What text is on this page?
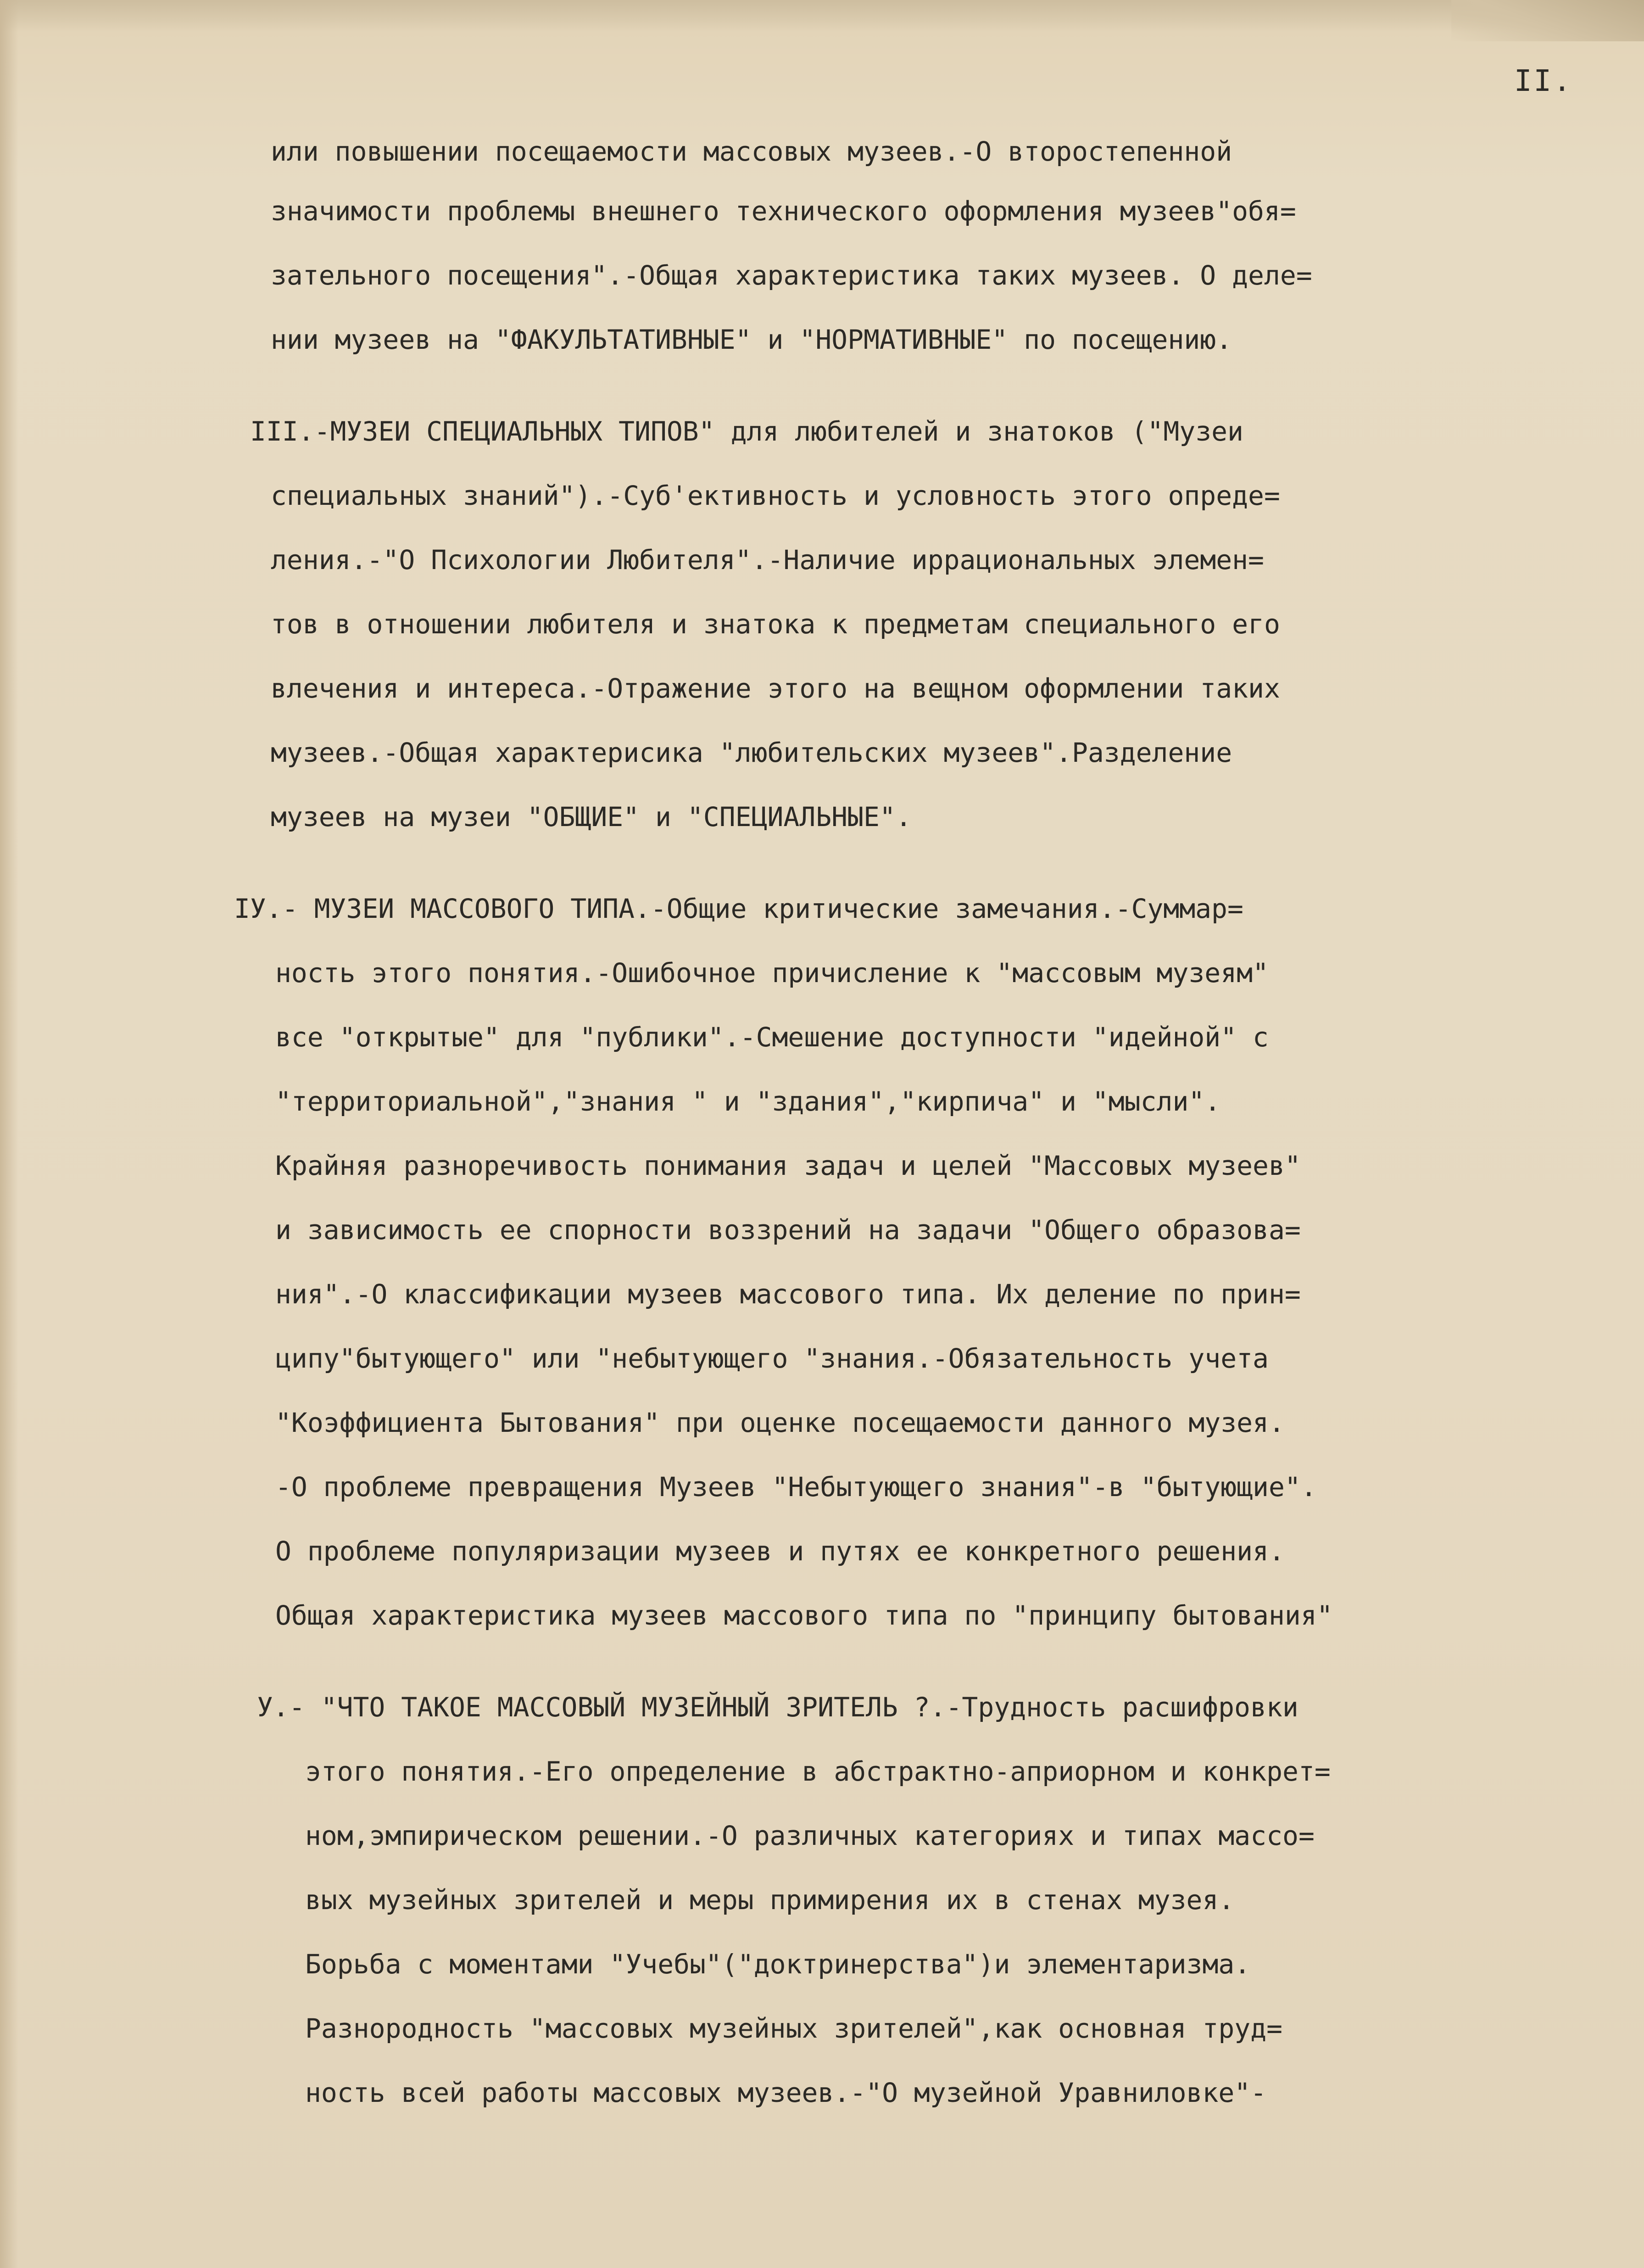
II.
или повышении посещаемости массовых музеев.-О второстепенной
значимости проблемы внешнего технического оформления музеев"обя=
зательного посещения".-Общая характеристика таких музеев. О деле=
нии музеев на "ФАКУЛЬТАТИВНЫЕ" и "НОРМАТИВНЫЕ" по посещению.
III.-МУЗЕИ СПЕЦИАЛЬНЫХ ТИПОВ" для любителей и знатоков ("Музеи
специальных знаний").-Суб'ективность и условность этого опреде=
ления.-"О Психологии Любителя".-Наличие иррациональных элемен=
тов в отношении любителя и знатока к предметам специального его
влечения и интереса.-Отражение этого на вещном оформлении таких
музеев.-Общая характерисика "любительских музеев".Разделение
музеев на музеи "ОБЩИЕ" и "СПЕЦИАЛЬНЫЕ".
IУ.- МУЗЕИ МАССОВОГО ТИПА.-Общие критические замечания.-Суммар=
ность этого понятия.-Ошибочное причисление к "массовым музеям"
все "открытые" для "публики".-Смешение доступности "идейной" с
"территориальной","знания " и "здания","кирпича" и "мысли".
Крайняя разноречивость понимания задач и целей "Массовых музеев"
и зависимость ее спорности воззрений на задачи "Общего образова=
ния".-О классификации музеев массового типа. Их деление по прин=
ципу"бытующего" или "небытующего "знания.-Обязательность учета
"Коэффициента Бытования" при оценке посещаемости данного музея.
-О проблеме превращения Музеев "Небытующего знания"-в "бытующие".
О проблеме популяризации музеев и путях ее конкретного решения.
Общая характеристика музеев массового типа по "принципу бытования"
У.- "ЧТО ТАКОЕ МАССОВЫЙ МУЗЕЙНЫЙ ЗРИТЕЛЬ ?.-Трудность расшифровки
этого понятия.-Его определение в абстрактно-априорном и конкрет=
ном,эмпирическом решении.-О различных категориях и типах массо=
вых музейных зрителей и меры примирения их в стенах музея.
Борьба с моментами "Учебы"("доктринерства")и элементаризма.
Разнородность "массовых музейных зрителей",как основная труд=
ность всей работы массовых музеев.-"О музейной Уравниловке"-
